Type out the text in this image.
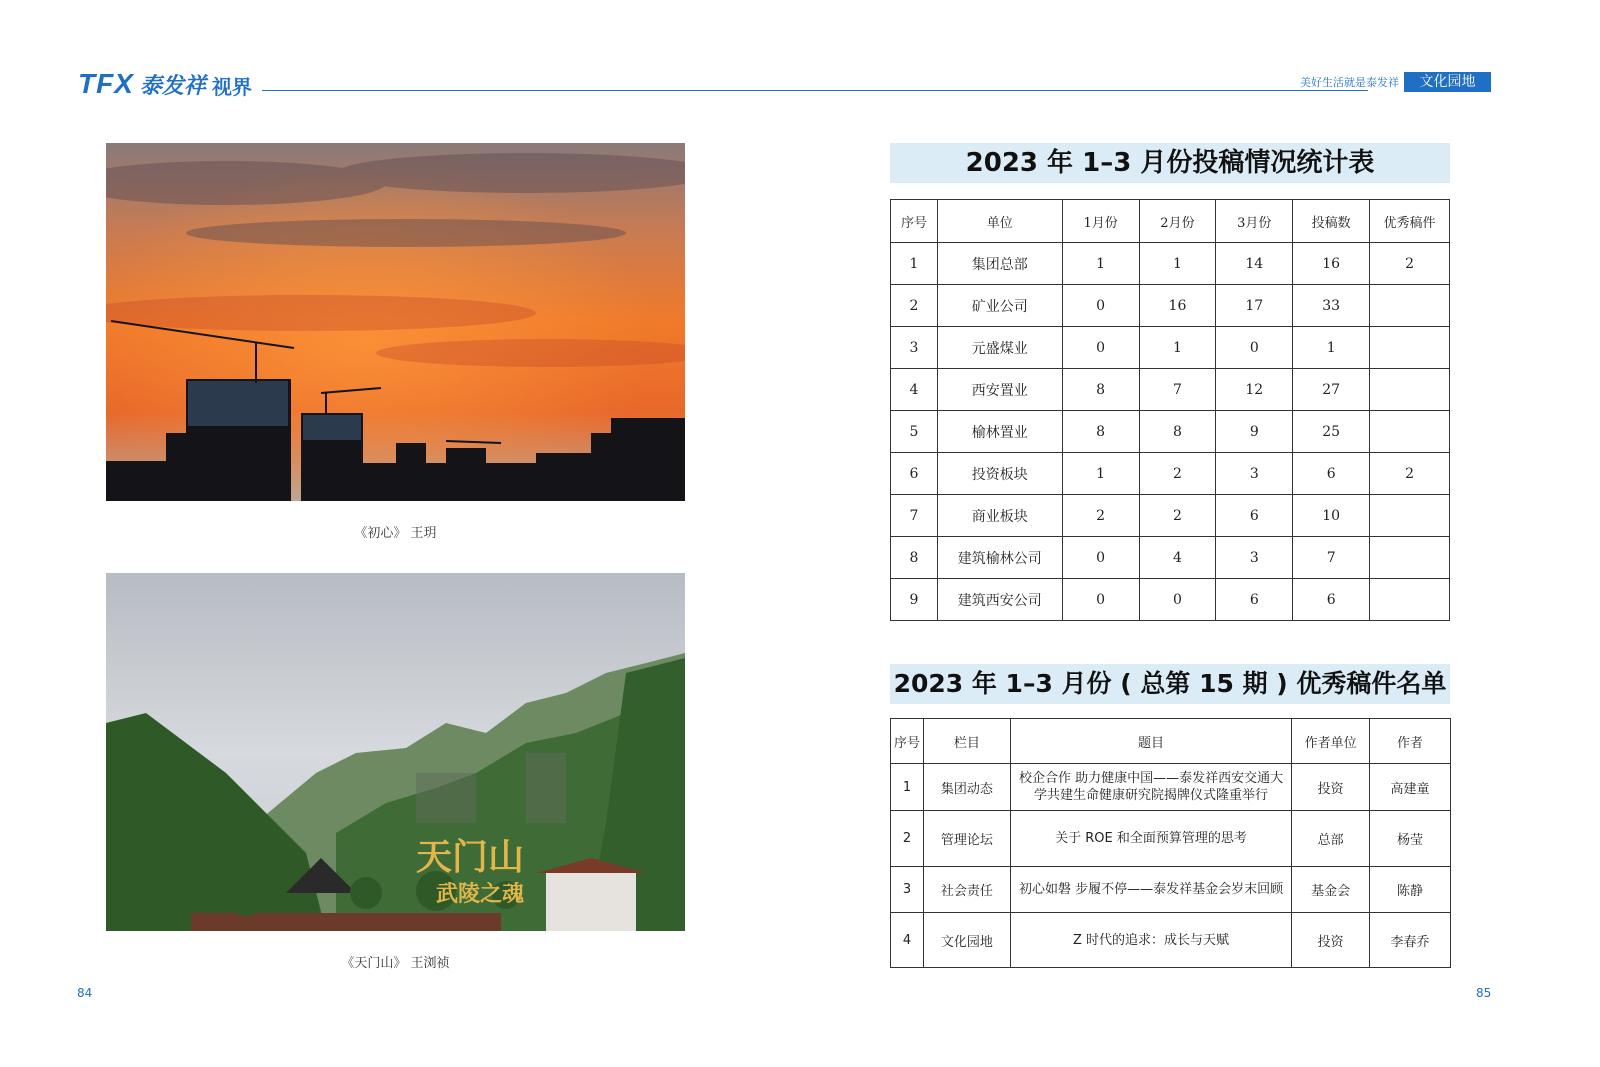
TFX 泰发祥 视界	美好生活就是泰发祥	文化园地
《初心》 王玥
天门山
武陵之魂
《天门山》 王浏祯
84	85
2023 年 1–3 月份投稿情况统计表
序号	单位	1月份	2月份	3月份	投稿数	优秀稿件
1	集团总部	1	1	14	16	2
2	矿业公司	0	16	17	33	
3	元盛煤业	0	1	0	1	
4	西安置业	8	7	12	27	
5	榆林置业	8	8	9	25	
6	投资板块	1	2	3	6	2
7	商业板块	2	2	6	10	
8	建筑榆林公司	0	4	3	7	
9	建筑西安公司	0	0	6	6	
2023 年 1–3 月份 ( 总第 15 期 ) 优秀稿件名单
序号	栏目	题目	作者单位	作者
1	集团动态	校企合作 助力健康中国——泰发祥西安交通大
学共建生命健康研究院揭牌仪式隆重举行	投资	高建童
2	管理论坛	关于 ROE 和全面预算管理的思考	总部	杨莹
3	社会责任	初心如磐 步履不停——泰发祥基金会岁末回顾	基金会	陈静
4	文化园地	Z 时代的追求：成长与天赋	投资	李春乔
